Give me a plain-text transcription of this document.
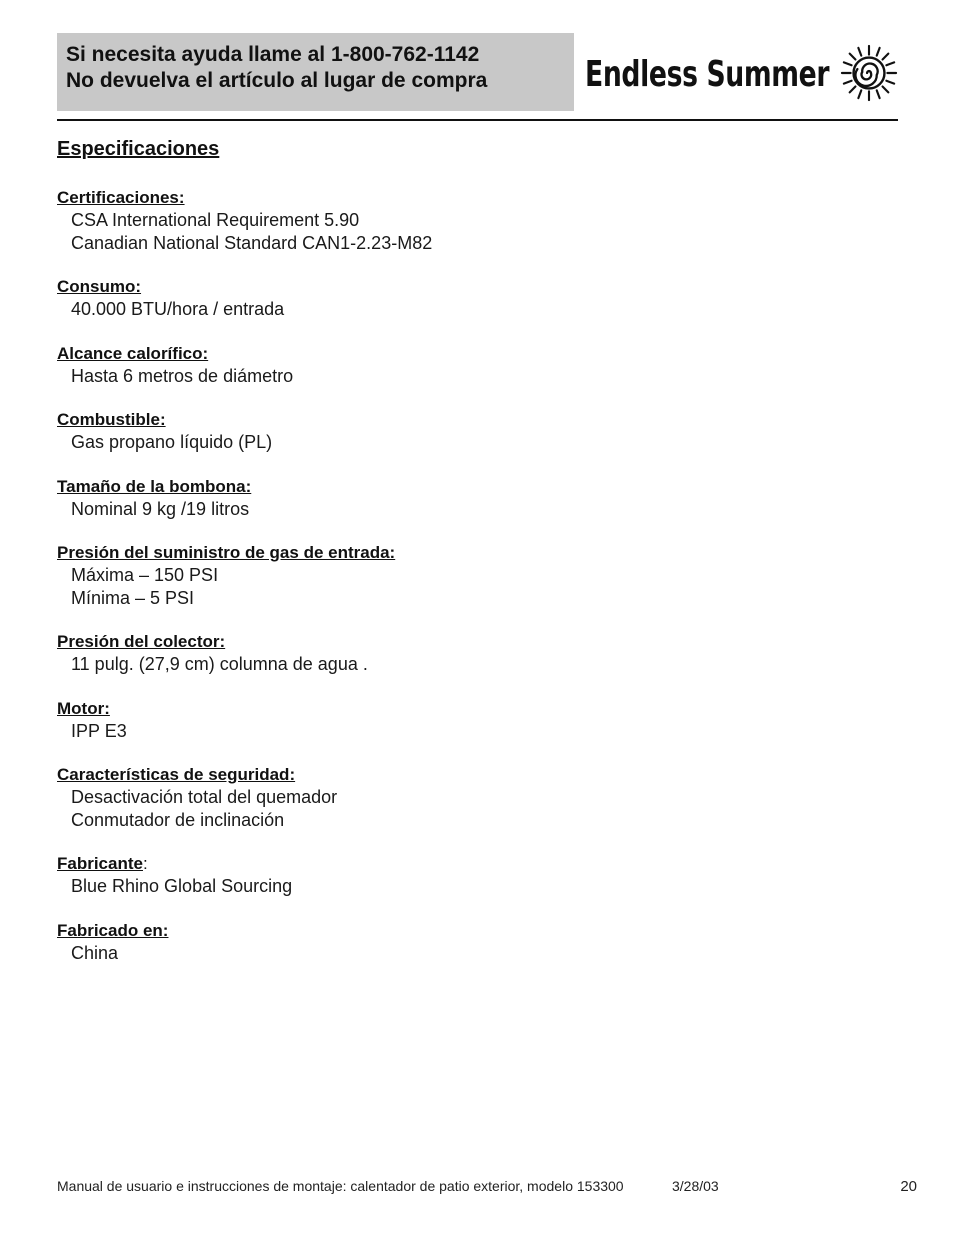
Si necesita ayuda llame al 1-800-762-1142
No devuelva el artículo al lugar de compra	Endless Summer
Especificaciones
Certificaciones:
CSA International Requirement 5.90
Canadian National Standard CAN1-2.23-M82
Consumo:
40.000 BTU/hora / entrada
Alcance calorífico:
Hasta 6 metros de diámetro
Combustible:
Gas propano líquido (PL)
Tamaño de la bombona:
Nominal 9 kg /19 litros
Presión del suministro de gas de entrada:
Máxima – 150 PSI
Mínima – 5 PSI
Presión del colector:
11 pulg. (27,9 cm) columna de agua .
Motor:
IPP E3
Características de seguridad:
Desactivación total del quemador
Conmutador de inclinación
Fabricante:
Blue Rhino Global Sourcing
Fabricado en:
China
Manual de usuario e instrucciones de montaje: calentador de patio exterior, modelo 153300	3/28/03	20
